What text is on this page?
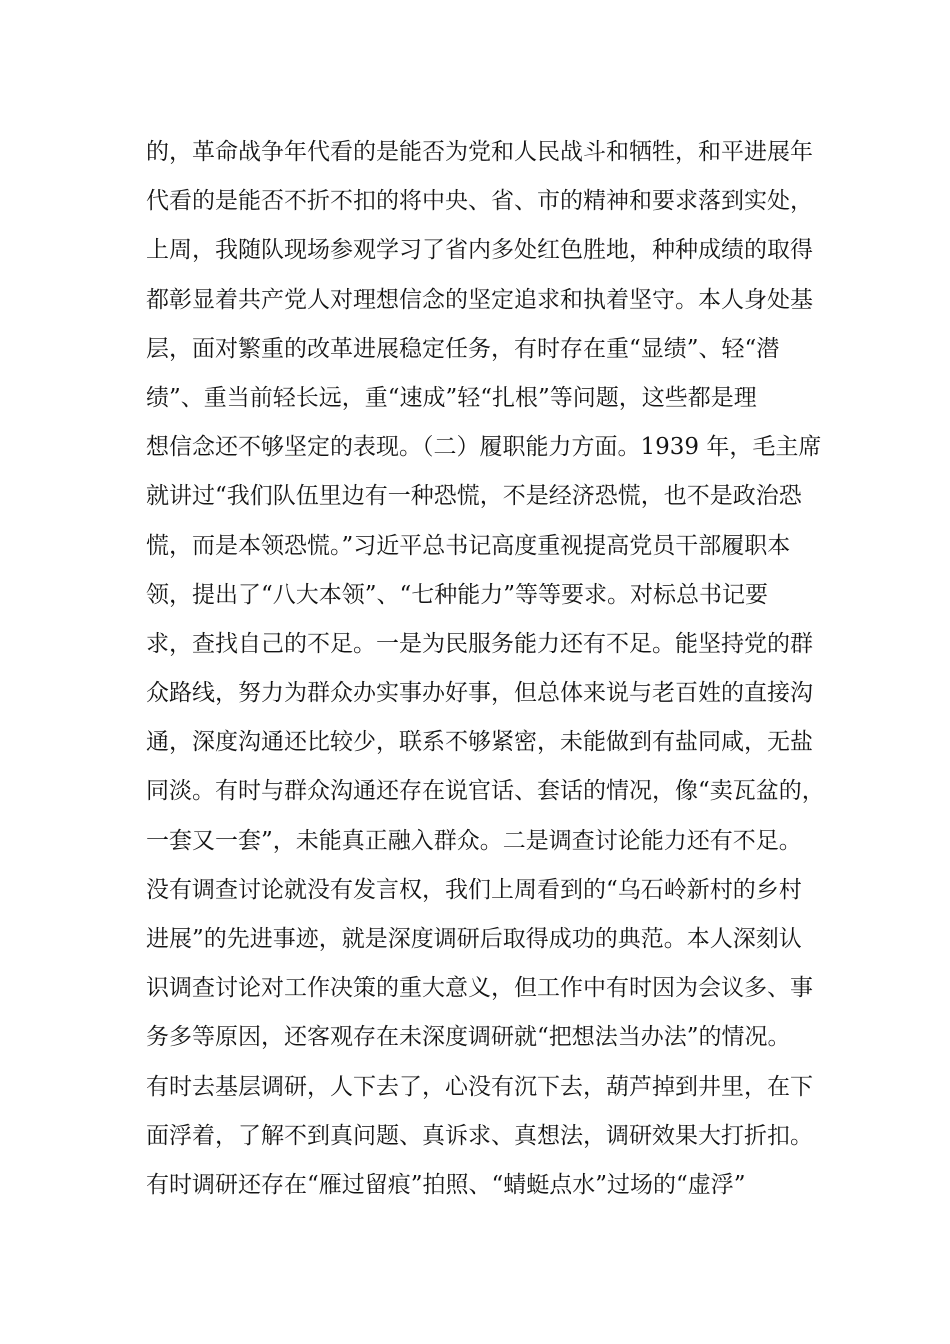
的，革命战争年代看的是能否为党和人民战斗和牺牲，和平进展年
代看的是能否不折不扣的将中央、省、市的精神和要求落到实处，
上周，我随队现场参观学习了省内多处红色胜地，种种成绩的取得
都彰显着共产党人对理想信念的坚定追求和执着坚守。本人身处基
层，面对繁重的改革进展稳定任务，有时存在重“显绩”、轻“潜
绩”、重当前轻长远，重“速成”轻“扎根”等问题，这些都是理
想信念还不够坚定的表现。（二）履职能力方面。1939 年，毛主席
就讲过“我们队伍里边有一种恐慌，不是经济恐慌，也不是政治恐
慌，而是本领恐慌。”习近平总书记高度重视提高党员干部履职本
领，提出了“八大本领”、“七种能力”等等要求。对标总书记要
求，查找自己的不足。一是为民服务能力还有不足。能坚持党的群
众路线，努力为群众办实事办好事，但总体来说与老百姓的直接沟
通，深度沟通还比较少，联系不够紧密，未能做到有盐同咸，无盐
同淡。有时与群众沟通还存在说官话、套话的情况，像“卖瓦盆的，
一套又一套”，未能真正融入群众。二是调查讨论能力还有不足。
没有调查讨论就没有发言权，我们上周看到的“乌石岭新村的乡村
进展”的先进事迹，就是深度调研后取得成功的典范。本人深刻认
识调查讨论对工作决策的重大意义，但工作中有时因为会议多、事
务多等原因，还客观存在未深度调研就“把想法当办法”的情况。
有时去基层调研，人下去了，心没有沉下去，葫芦掉到井里，在下
面浮着，了解不到真问题、真诉求、真想法，调研效果大打折扣。
有时调研还存在“雁过留痕”拍照、“蜻蜓点水”过场的“虚浮”
